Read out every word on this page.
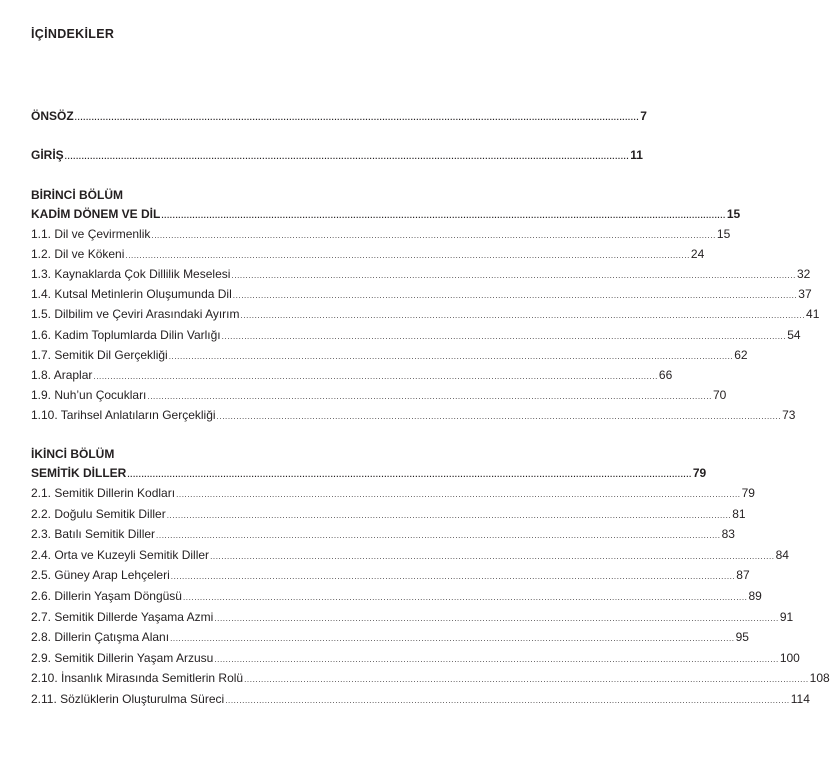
İÇİNDEKİLER
ÖNSÖZ ........................................................................................................................................................................................................ 7
GİRİŞ ........................................................................................................................................................................................................ 11
BİRİNCİ BÖLÜM
KADİM DÖNEM VE DİL ........................................................................................................................................................................................................ 15
1.1. Dil ve Çevirmenlik ........................................................................................................................................................................................................ 15
1.2. Dil ve Kökeni ........................................................................................................................................................................................................ 24
1.3. Kaynaklarda Çok Dillilik Meselesi ........................................................................................................................................................................................................ 32
1.4. Kutsal Metinlerin Oluşumunda Dil ........................................................................................................................................................................................................ 37
1.5. Dilbilim ve Çeviri Arasındaki Ayırım ........................................................................................................................................................................................................ 41
1.6. Kadim Toplumlarda Dilin Varlığı ........................................................................................................................................................................................................ 54
1.7. Semitik Dil Gerçekliği ........................................................................................................................................................................................................ 62
1.8. Araplar ........................................................................................................................................................................................................ 66
1.9. Nuh’un Çocukları ........................................................................................................................................................................................................ 70
1.10. Tarihsel Anlatıların Gerçekliği ........................................................................................................................................................................................................ 73
İKİNCİ BÖLÜM
SEMİTİK DİLLER ........................................................................................................................................................................................................ 79
2.1. Semitik Dillerin Kodları ........................................................................................................................................................................................................ 79
2.2. Doğulu Semitik Diller ........................................................................................................................................................................................................ 81
2.3. Batılı Semitik Diller ........................................................................................................................................................................................................ 83
2.4. Orta ve Kuzeyli Semitik Diller ........................................................................................................................................................................................................ 84
2.5. Güney Arap Lehçeleri ........................................................................................................................................................................................................ 87
2.6. Dillerin Yaşam Döngüsü ........................................................................................................................................................................................................ 89
2.7. Semitik Dillerde Yaşama Azmi ........................................................................................................................................................................................................ 91
2.8. Dillerin Çatışma Alanı ........................................................................................................................................................................................................ 95
2.9. Semitik Dillerin Yaşam Arzusu ........................................................................................................................................................................................................ 100
2.10. İnsanlık Mirasında Semitlerin Rolü ........................................................................................................................................................................................................ 108
2.11. Sözlüklerin Oluşturulma Süreci ........................................................................................................................................................................................................ 114
